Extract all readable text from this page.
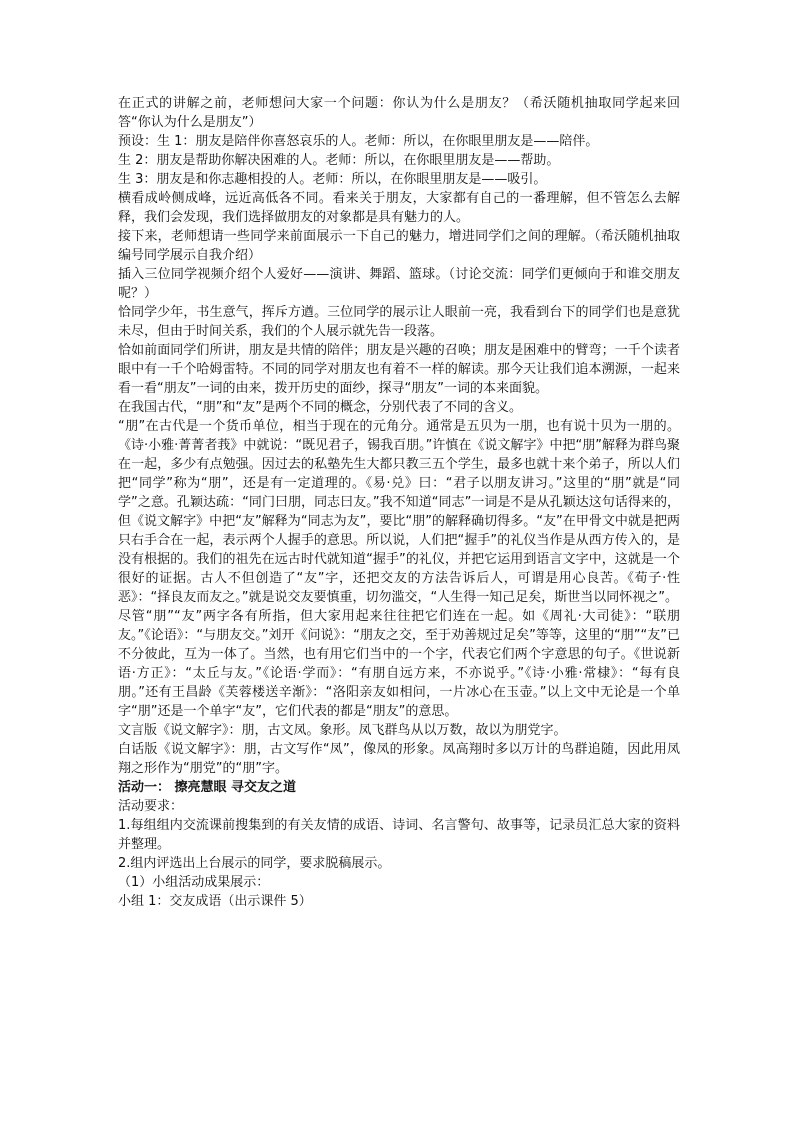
在正式的讲解之前，老师想问大家一个问题：你认为什么是朋友？（希沃随机抽取同学起来回答“你认为什么是朋友”）

预设：生 1：朋友是陪伴你喜怒哀乐的人。老师：所以，在你眼里朋友是——陪伴。

生 2：朋友是帮助你解决困难的人。老师：所以，在你眼里朋友是——帮助。

生 3：朋友是和你志趣相投的人。老师：所以，在你眼里朋友是——吸引。

横看成岭侧成峰，远近高低各不同。看来关于朋友，大家都有自己的一番理解，但不管怎么去解释，我们会发现，我们选择做朋友的对象都是具有魅力的人。

接下来，老师想请一些同学来前面展示一下自己的魅力，增进同学们之间的理解。（希沃随机抽取编号同学展示自我介绍）

插入三位同学视频介绍个人爱好——演讲、舞蹈、篮球。（讨论交流：同学们更倾向于和谁交朋友呢？）

恰同学少年，书生意气，挥斥方遒。三位同学的展示让人眼前一亮，我看到台下的同学们也是意犹未尽，但由于时间关系，我们的个人展示就先告一段落。

恰如前面同学们所讲，朋友是共情的陪伴；朋友是兴趣的召唤；朋友是困难中的臂弯；一千个读者眼中有一千个哈姆雷特。不同的同学对朋友也有着不一样的解读。那今天让我们追本溯源，一起来看一看“朋友”一词的由来，拨开历史的面纱，探寻“朋友”一词的本来面貌。

在我国古代，“朋”和“友”是两个不同的概念，分别代表了不同的含义。

“朋”在古代是一个货币单位，相当于现在的元角分。通常是五贝为一朋，也有说十贝为一朋的。《诗·小雅·菁菁者莪》中就说：“既见君子，锡我百朋。”许慎在《说文解字》中把“朋”解释为群鸟聚在一起，多少有点勉强。因过去的私塾先生大都只教三五个学生，最多也就十来个弟子，所以人们把“同学”称为“朋”，还是有一定道理的。《易·兑》曰：“君子以朋友讲习。”这里的“朋”就是“同学”之意。孔颖达疏：“同门曰朋，同志曰友。”我不知道“同志”一词是不是从孔颖达这句话得来的，但《说文解字》中把“友”解释为“同志为友”，要比“朋”的解释确切得多。“友”在甲骨文中就是把两只右手合在一起，表示两个人握手的意思。所以说，人们把“握手”的礼仪当作是从西方传入的，是没有根据的。我们的祖先在远古时代就知道“握手”的礼仪，并把它运用到语言文字中，这就是一个很好的证据。古人不但创造了“友”字，还把交友的方法告诉后人，可谓是用心良苦。《荀子·性恶》：“择良友而友之。”就是说交友要慎重，切勿滥交，“人生得一知己足矣，斯世当以同怀视之”。

尽管“朋”“友”两字各有所指，但大家用起来往往把它们连在一起。如《周礼·大司徒》：“联朋友。”《论语》：“与朋友交。”刘开《问说》：“朋友之交，至于劝善规过足矣”等等，这里的“朋”“友”已不分彼此，互为一体了。当然，也有用它们当中的一个字，代表它们两个字意思的句子。《世说新语·方正》：“太丘与友。”《论语·学而》：“有朋自远方来，不亦说乎。”《诗·小雅·常棣》：“每有良朋。”还有王昌龄《芙蓉楼送辛渐》：“洛阳亲友如相问，一片冰心在玉壶。”以上文中无论是一个单字“朋”还是一个单字“友”，它们代表的都是“朋友”的意思。

文言版《说文解字》：朋，古文凤。象形。凤飞群鸟从以万数，故以为朋党字。

白话版《说文解字》：朋，古文写作“凤”，像凤的形象。凤高翔时多以万计的鸟群追随，因此用凤翔之形作为“朋党”的“朋”字。

活动一： 擦亮慧眼 寻交友之道

活动要求：

1.每组组内交流课前搜集到的有关友情的成语、诗词、名言警句、故事等，记录员汇总大家的资料并整理。

2.组内评选出上台展示的同学，要求脱稿展示。

（1）小组活动成果展示：

小组 1：交友成语（出示课件 5）
